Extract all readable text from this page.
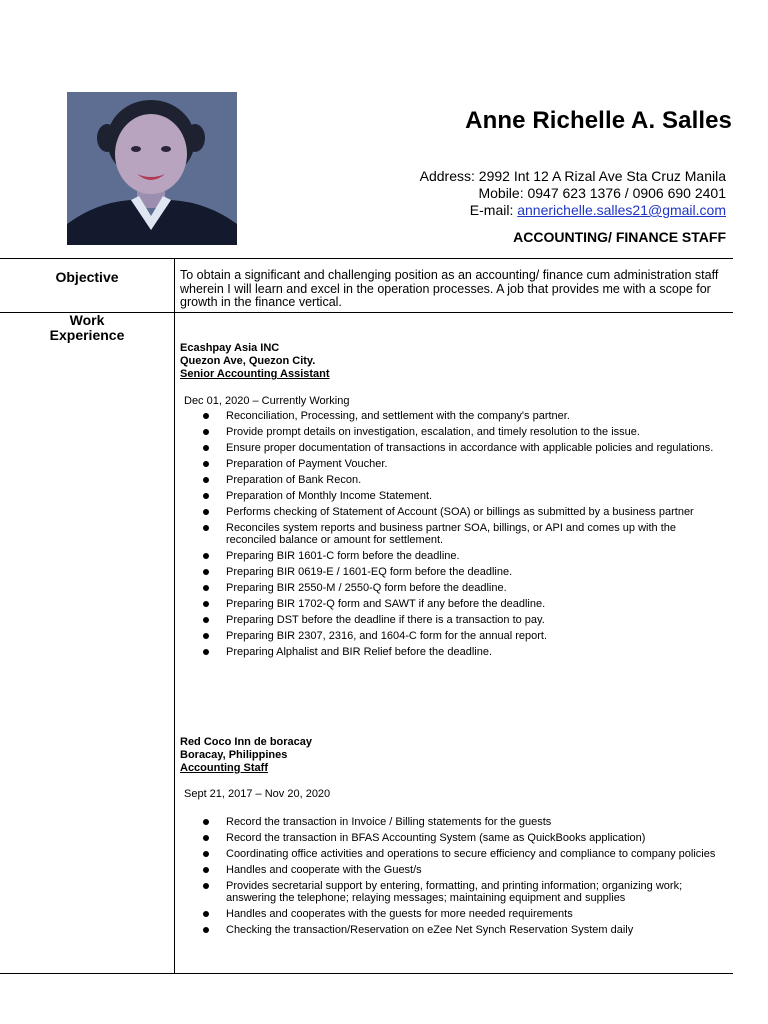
Anne Richelle A. Salles
Address: 2992 Int 12 A Rizal Ave Sta Cruz Manila
Mobile: 0947 623 1376 / 0906 690 2401
E-mail: annerichelle.salles21@gmail.com
ACCOUNTING/ FINANCE STAFF
Objective	To obtain a significant and challenging position as an accounting/ finance cum administration staff wherein I will learn and excel in the operation processes. A job that provides me with a scope for growth in the finance vertical.
Work
Experience
Ecashpay Asia INC
Quezon Ave, Quezon City.
Senior Accounting Assistant
Dec 01, 2020 – Currently Working
Reconciliation, Processing, and settlement with the company's partner.
Provide prompt details on investigation, escalation, and timely resolution to the issue.
Ensure proper documentation of transactions in accordance with applicable policies and regulations.
Preparation of Payment Voucher.
Preparation of Bank Recon.
Preparation of Monthly Income Statement.
Performs checking of Statement of Account (SOA) or billings as submitted by a business partner
Reconciles system reports and business partner SOA, billings, or API and comes up with the reconciled balance or amount for settlement.
Preparing BIR 1601-C form before the deadline.
Preparing BIR 0619-E / 1601-EQ form before the deadline.
Preparing BIR 2550-M / 2550-Q form before the deadline.
Preparing BIR 1702-Q form and SAWT if any before the deadline.
Preparing DST before the deadline if there is a transaction to pay.
Preparing BIR 2307, 2316, and 1604-C form for the annual report.
Preparing Alphalist and BIR Relief before the deadline.
Red Coco Inn de boracay
Boracay, Philippines
Accounting Staff
Sept 21, 2017 – Nov 20, 2020
Record the transaction in Invoice / Billing statements for the guests
Record the transaction in BFAS Accounting System (same as QuickBooks application)
Coordinating office activities and operations to secure efficiency and compliance to company policies
Handles and cooperate with the Guest/s
Provides secretarial support by entering, formatting, and printing information; organizing work; answering the telephone; relaying messages; maintaining equipment and supplies
Handles and cooperates with the guests for more needed requirements
Checking the transaction/Reservation on eZee Net Synch Reservation System daily
